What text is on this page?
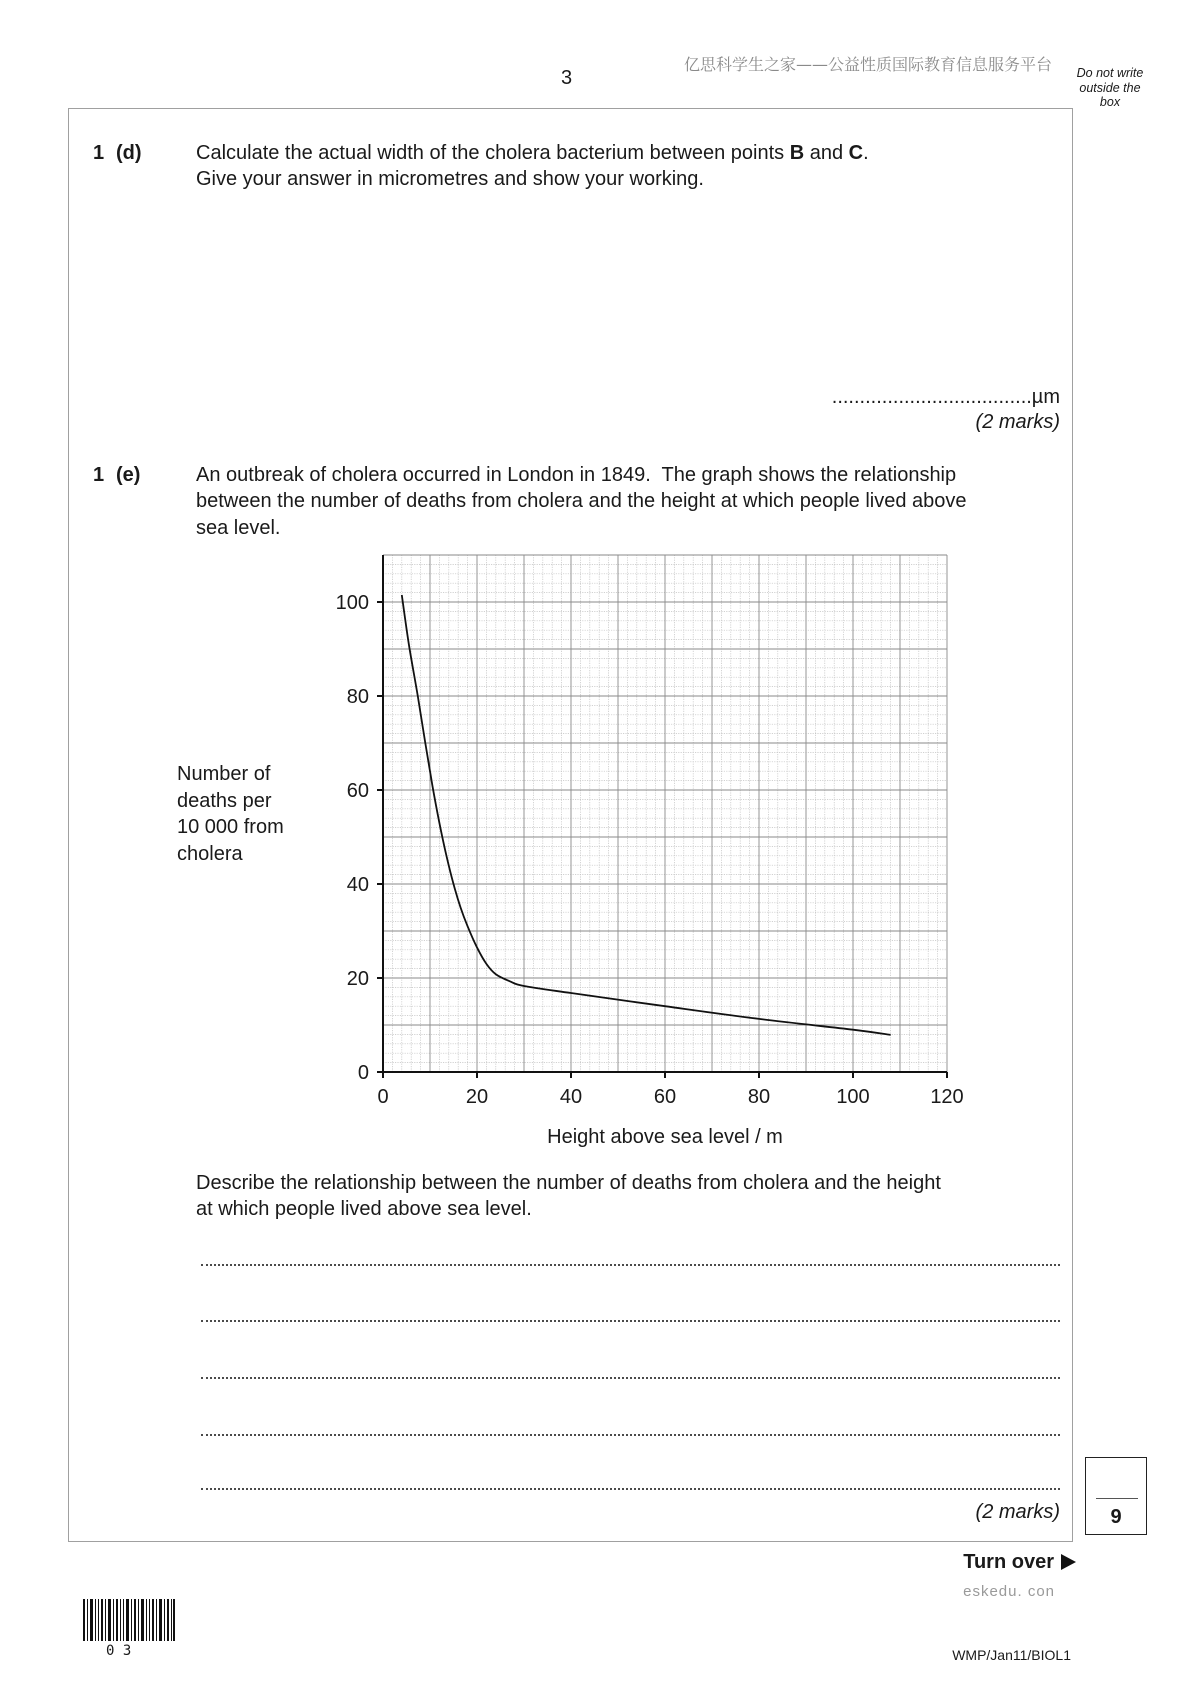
3
亿思科学生之家——公益性质国际教育信息服务平台	Do not write
outside the
box
1 (d)	Calculate the actual width of the cholera bacterium between points B and C.
Give your answer in micrometres and show your working.
....................................µm
(2 marks)
1 (e)	An outbreak of cholera occurred in London in 1849.  The graph shows the relationship
between the number of deaths from cholera and the height at which people lived above
sea level.
Number of
deaths per
10 000 from
cholera
Height above sea level / m
0	20	40	60	80	100	120
0
20
40
60
80
100
Describe the relationship between the number of deaths from cholera and the height
at which people lived above sea level.
(2 marks)	9
Turn over
eskedu. con
0 3	WMP/Jan11/BIOL1
